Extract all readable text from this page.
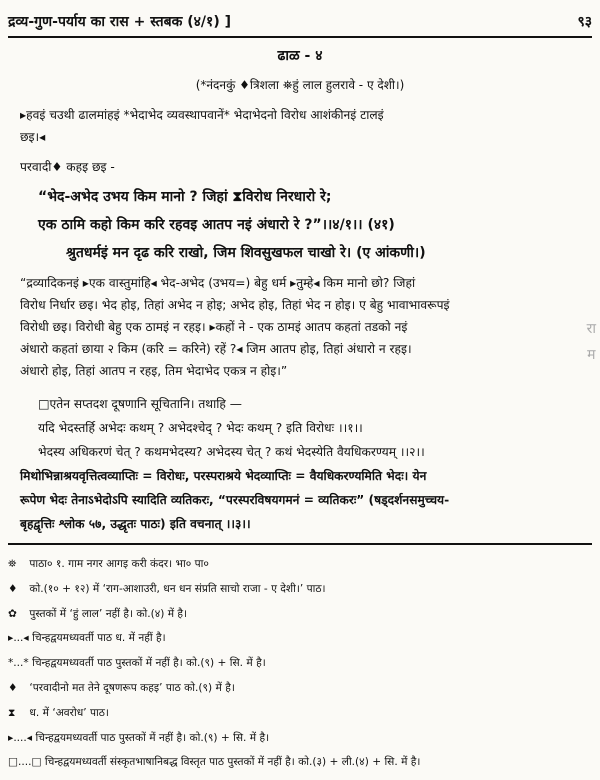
द्रव्य-गुण-पर्याय का रास + स्तबक (४/१) ]	९३
ढाळ - ४
(*नंदनकुं ♦त्रिशला ⛯हुं लाल हुलरावे - ए देशी।)
▸हवइं चउथी ढालमांहइं *भेदाभेद व्यवस्थापवानें* भेदाभेदनो विरोध आशंकीनइं टालइं
छइ।◂
परवादी♦ कहइ छइ -
“भेद-अभेद उभय किम मानो ? जिहां ⧗विरोध निरधारो रे;
एक ठामि कहो किम करि रहवइ आतप नइं अंधारो रे ?”।।४/१।। (४१)
श्रुतधर्मइं मन दृढ करि राखो, जिम शिवसुखफल चाखो रे। (ए आंकणी।)
“द्रव्यादिकनइं ▸एक वास्तुमांहि◂ भेद-अभेद (उभय=) बेहु धर्म ▸तुम्हे◂ किम मानो छो? जिहां
विरोध निर्धार छइ। भेद होइ, तिहां अभेद न होइ; अभेद होइ, तिहां भेद न होइ। ए बेहु भावाभावरूपइं
विरोधी छइ। विरोधी बेहु एक ठामइं न रहइ। ▸कहों ने - एक ठामइं आतप कहतां तडको नइं
अंधारो कहतां छाया २ किम (करि = करिने) रहें ?◂ जिम आतप होइ, तिहां अंधारो न रहइ।
अंधारो होइ, तिहां आतप न रहइ, तिम भेदाभेद एकत्र न होइ।”
रा
म
□एतेन सप्तदश दूषणानि सूचितानि। तथाहि —
यदि भेदस्तर्हि अभेदः कथम् ? अभेदश्चेद् ? भेदः कथम् ? इति विरोधः ।।१।।
भेदस्य अधिकरणं चेत् ? कथमभेदस्य? अभेदस्य चेत् ? कथं भेदस्येति वैयधिकरण्यम् ।।२।।
मिथोभिन्नाश्रयवृत्तित्वव्याप्तिः = विरोधः, परस्पराश्रये भेदव्याप्तिः = वैयधिकरण्यमिति भेदः। येन
रूपेण भेदः तेनाऽभेदोऽपि स्यादिति व्यतिकरः, “परस्परविषयगमनं = व्यतिकरः” (षड्दर्शनसमुच्चय-
बृहद्वृत्तिः श्लोक ५७, उद्धृतः पाठः) इति वचनात् ।।३।।
⛯ पाठा० १. गाम नगर आगइ करी कंदर। भा० पा०
♦ को.(१० + १२) में ‘राग-आशाउरी, धन धन संप्रति साचो राजा - ए देशी।’ पाठ।
✿ पुस्तकों में ‘हुं लाल’ नहीं है। को.(४) में है।
▸...◂ चिन्हद्वयमध्यवर्ती पाठ ध. में नहीं है।
*...* चिन्हद्वयमध्यवर्ती पाठ पुस्तकों में नहीं है। को.(९) + सि. में है।
♦ ‘परवादीनो मत तेने दूषणरूप कहइ’ पाठ को.(९) में है।
⧗ ध. में ‘अवरोध’ पाठ।
▸....◂ चिन्हद्वयमध्यवर्ती पाठ पुस्तकों में नहीं है। को.(९) + सि. में है।
□....□ चिन्हद्वयमध्यवर्ती संस्कृतभाषानिबद्ध विस्तृत पाठ पुस्तकों में नहीं है। को.(३) + ली.(४) + सि. में है।
